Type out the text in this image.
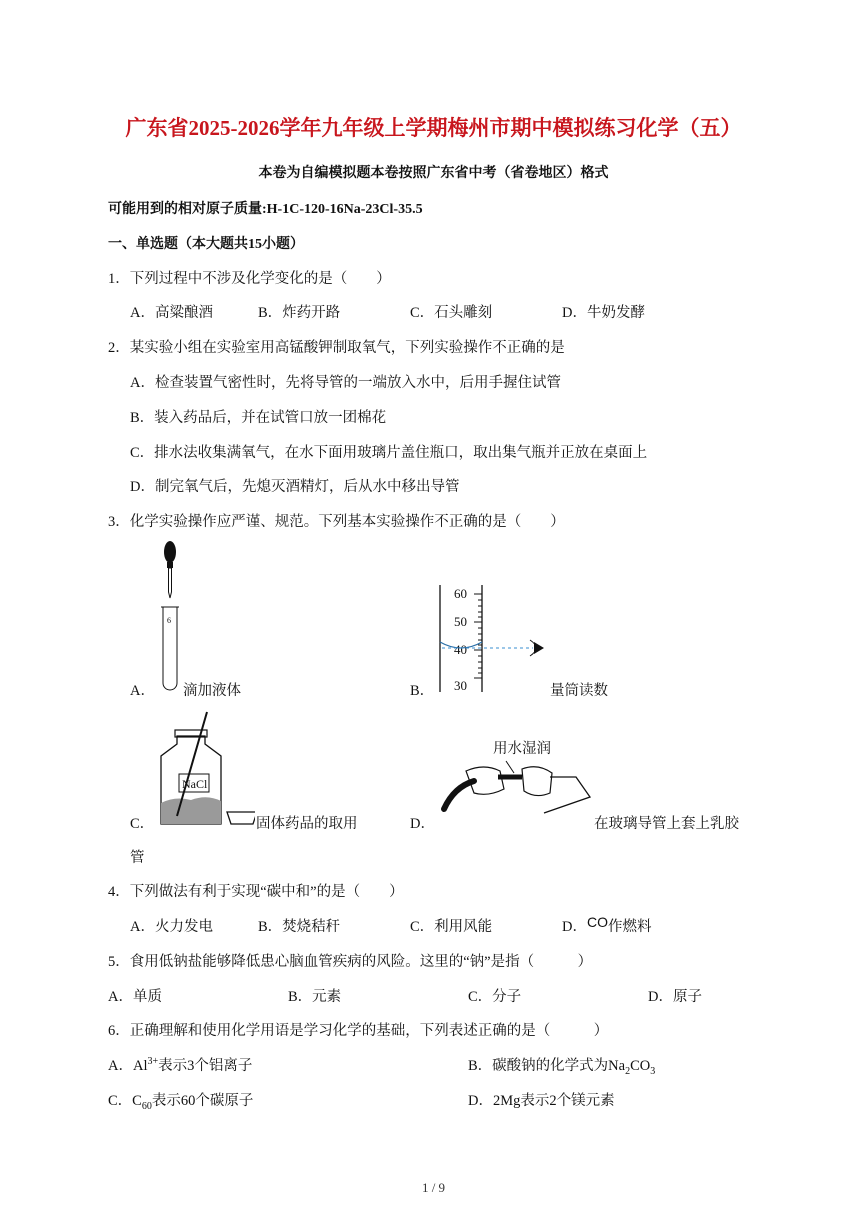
广东省2025-2026学年九年级上学期梅州市期中模拟练习化学（五）
本卷为自编模拟题本卷按照广东省中考（省卷地区）格式
可能用到的相对原子质量:H-1C-120-16Na-23Cl-35.5
一、单选题（本大题共15小题）
1．下列过程中不涉及化学变化的是（　　）
A．高粱酿酒	B．炸药开路	C．石头雕刻	D．牛奶发酵
2．某实验小组在实验室用高锰酸钾制取氧气，下列实验操作不正确的是
A．检查装置气密性时，先将导管的一端放入水中，后用手握住试管
B．装入药品后，并在试管口放一团棉花
C．排水法收集满氧气，在水下面用玻璃片盖住瓶口，取出集气瓶并正放在桌面上
D．制完氧气后，先熄灭酒精灯，后从水中移出导管
3．化学实验操作应严谨、规范。下列基本实验操作不正确的是（　　）
6
A． 滴加液体
60
50
40
30
B．	量筒读数
NaCl
C．	固体药品的取用
用水湿润
D．	在玻璃导管上套上乳胶
管
4．下列做法有利于实现“碳中和”的是（　　）
A．火力发电	B．焚烧秸秆	C．利用风能	D．CO作燃料
5．食用低钠盐能够降低患心脑血管疾病的风险。这里的“钠”是指（　　　）
A．单质	B．元素	C．分子	D．原子
6．正确理解和使用化学用语是学习化学的基础，下列表述正确的是（　　　）
A．$Al^{3+}$表示3个铝离子	B．碳酸钠的化学式为$Na_2CO_3$
C．$C_{60}$表示60个碳原子	D．2Mg表示2个镁元素
1 / 9
